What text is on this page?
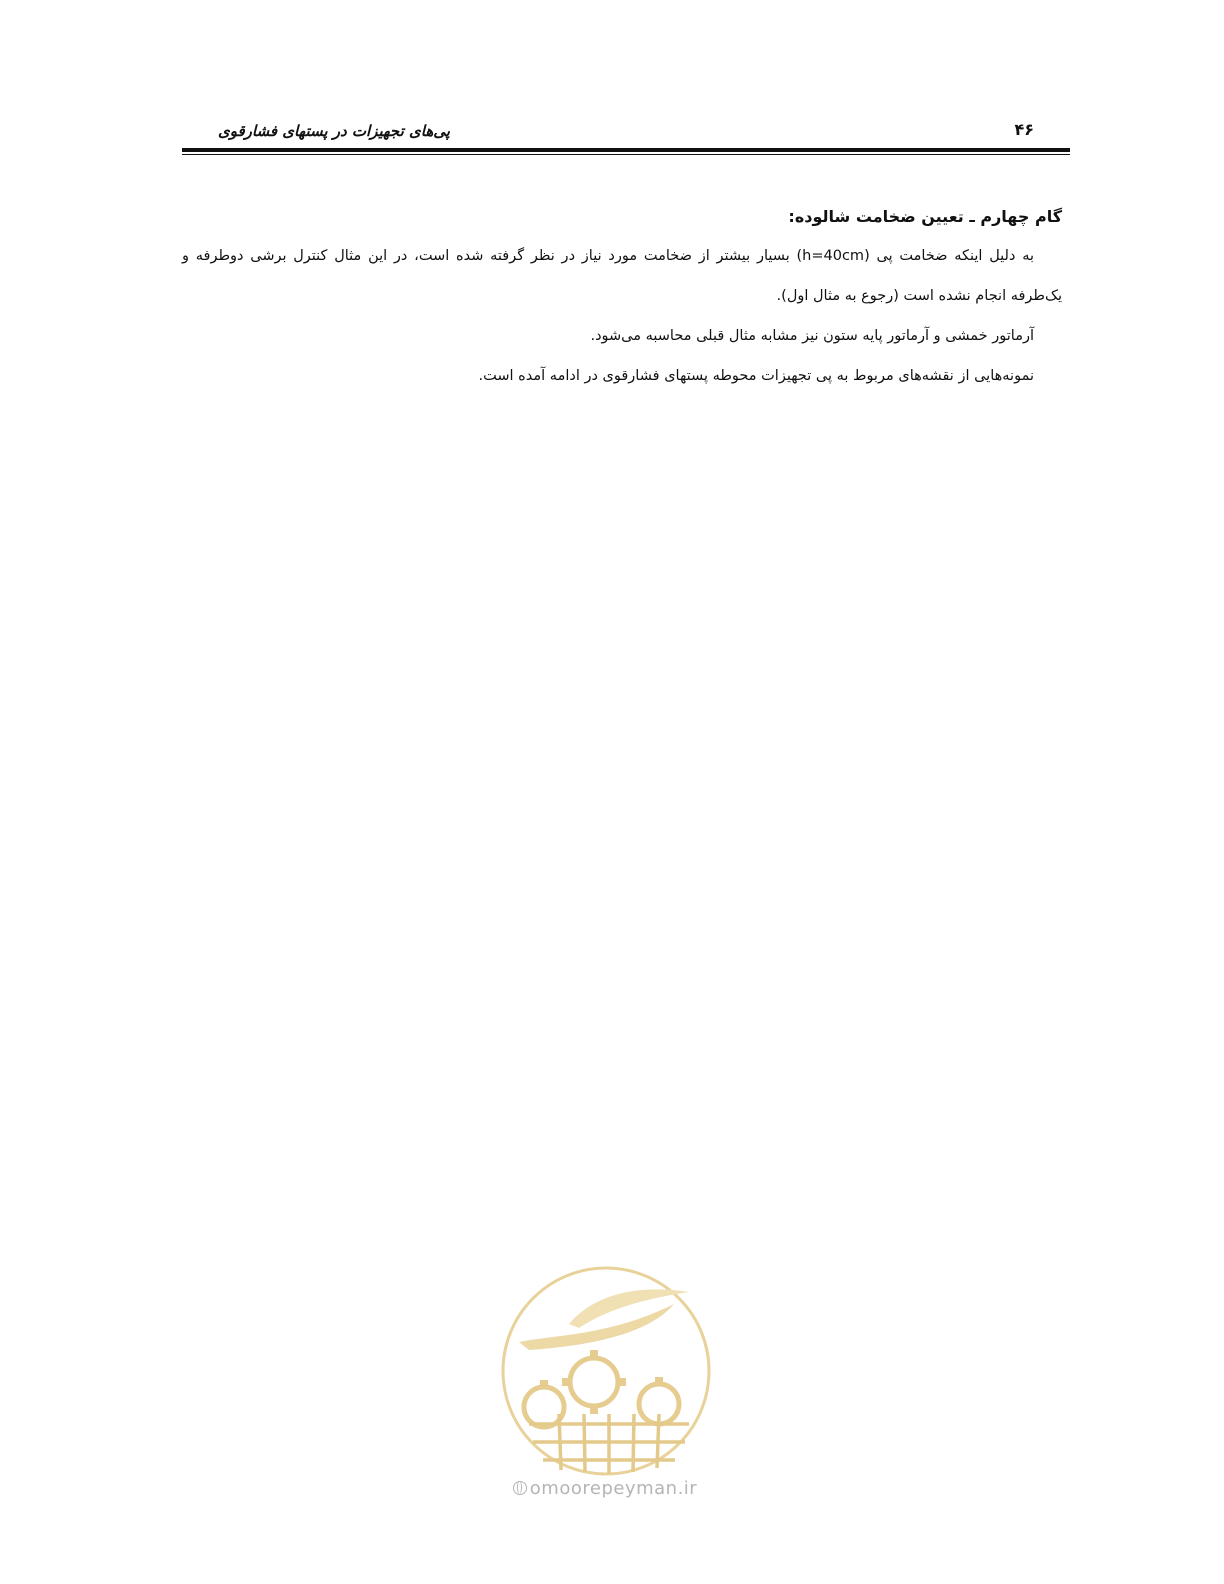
۴۶
پی‌های تجهیزات در پستهای فشارقوی
گام چهارم ـ تعیین ضخامت شالوده:

به دلیل اینکه ضخامت پی (h=40cm) بسیار بیشتر از ضخامت مورد نیاز در نظر گرفته شده است، در این مثال کنترل برشی دوطرفه و یک‌طرفه انجام نشده است (رجوع به مثال اول).

آرماتور خمشی و آرماتور پایه ستون نیز مشابه مثال قبلی محاسبه می‌شود.

نمونه‌هایی از نقشه‌های مربوط به پی تجهیزات محوطه پستهای فشارقوی در ادامه آمده است.

omoorepeyman.ir
